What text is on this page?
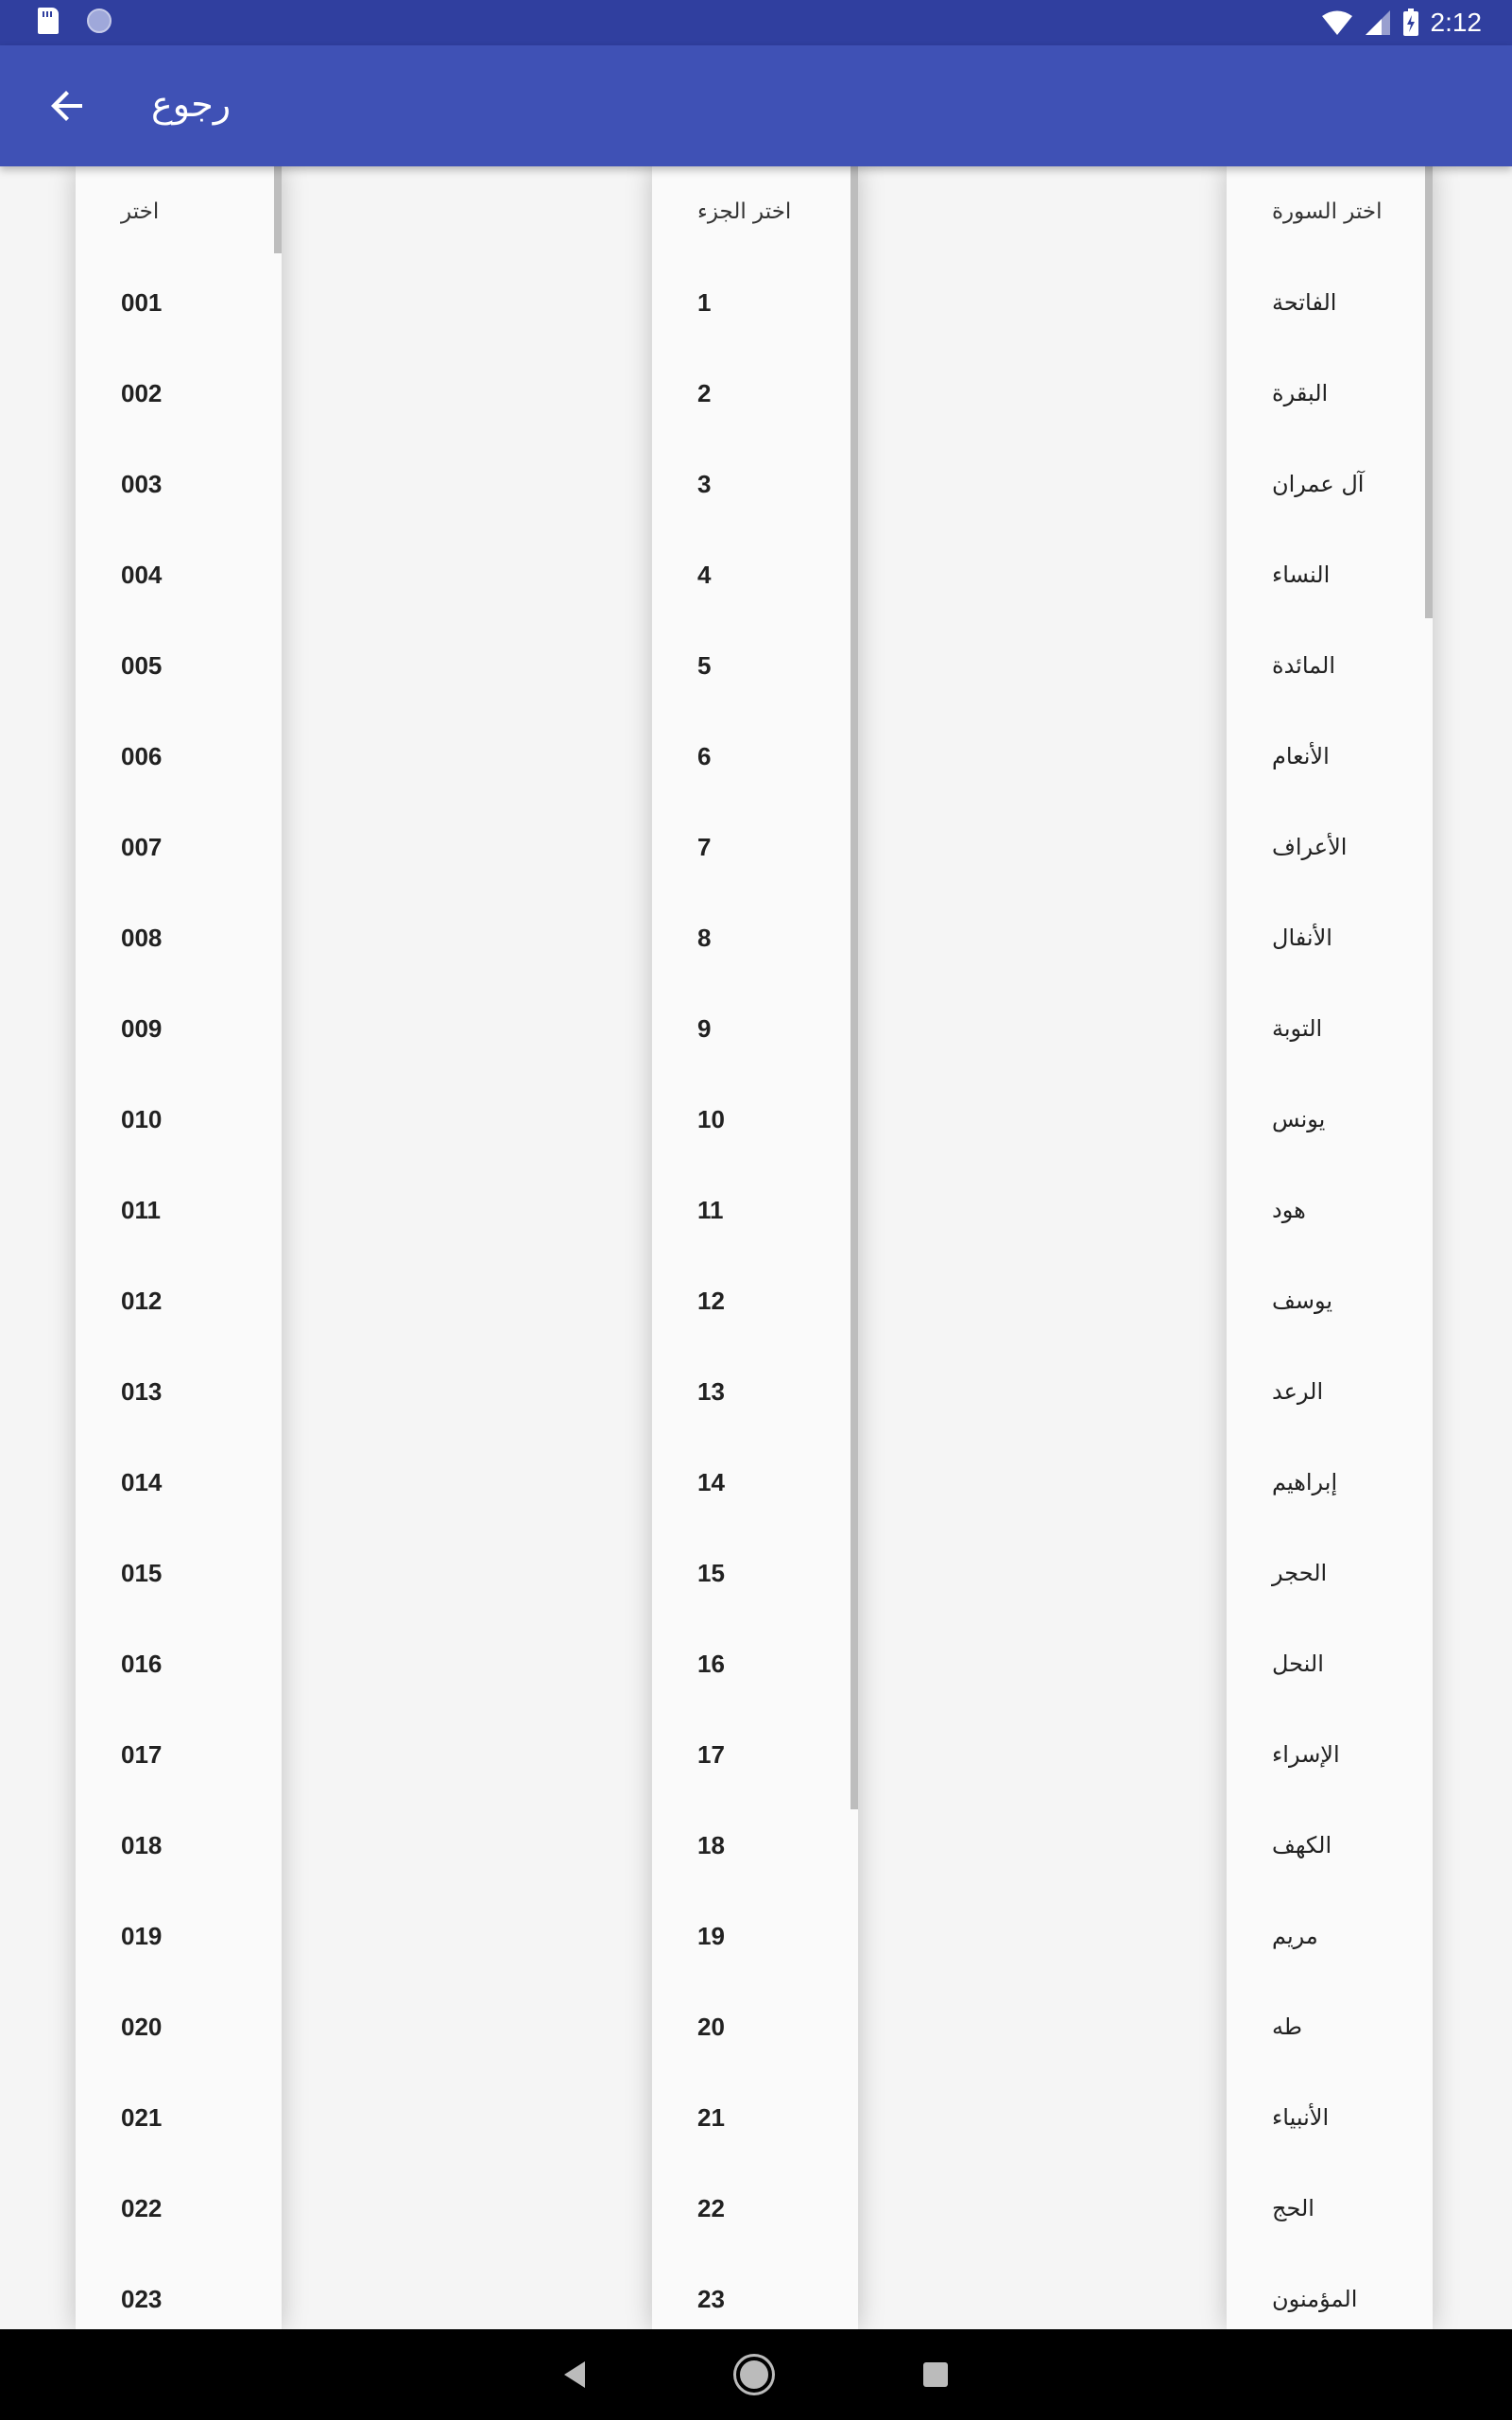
2:12
رجوع
اختر
001
002
003
004
005
006
007
008
009
010
011
012
013
014
015
016
017
018
019
020
021
022
023
اختر الجزء
1
2
3
4
5
6
7
8
9
10
11
12
13
14
15
16
17
18
19
20
21
22
23
اختر السورة
الفاتحة
البقرة
آل عمران
النساء
المائدة
الأنعام
الأعراف
الأنفال
التوبة
يونس
هود
يوسف
الرعد
إبراهيم
الحجر
النحل
الإسراء
الكهف
مريم
طه
الأنبياء
الحج
المؤمنون
